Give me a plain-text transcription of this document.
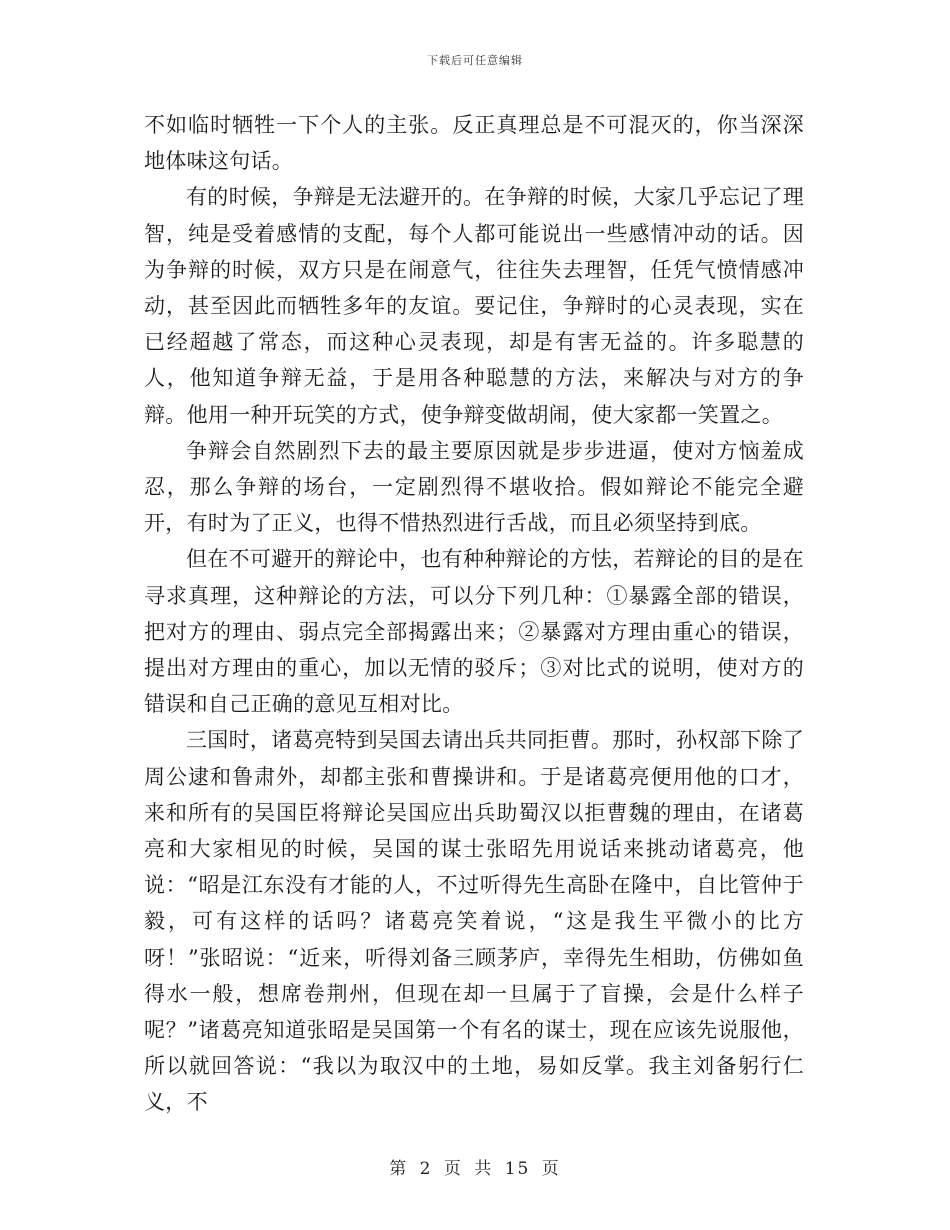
下载后可任意编辑

不如临时牺牲一下个人的主张。反正真理总是不可混灭的，你当深深地体味这句话。

有的时候，争辩是无法避开的。在争辩的时候，大家几乎忘记了理智，纯是受着感情的支配，每个人都可能说出一些感情冲动的话。因为争辩的时候，双方只是在闹意气，往往失去理智，任凭气愤情感冲动，甚至因此而牺牲多年的友谊。要记住，争辩时的心灵表现，实在已经超越了常态，而这种心灵表现，却是有害无益的。许多聪慧的人，他知道争辩无益，于是用各种聪慧的方法，来解决与对方的争辩。他用一种开玩笑的方式，使争辩变做胡闹，使大家都一笑置之。

争辩会自然剧烈下去的最主要原因就是步步进逼，使对方恼羞成忍，那么争辩的场台，一定剧烈得不堪收拾。假如辩论不能完全避开，有时为了正义，也得不惜热烈进行舌战，而且必须坚持到底。

但在不可避开的辩论中，也有种种辩论的方怯，若辩论的目的是在寻求真理，这种辩论的方法，可以分下列几种：①暴露全部的错误，把对方的理由、弱点完全部揭露出来；②暴露对方理由重心的错误，提出对方理由的重心，加以无情的驳斥；③对比式的说明，使对方的错误和自己正确的意见互相对比。

三国时，诸葛亮特到吴国去请出兵共同拒曹。那时，孙权部下除了周公逮和鲁肃外，却都主张和曹操讲和。于是诸葛亮便用他的口才，来和所有的吴国臣将辩论吴国应出兵助蜀汉以拒曹魏的理由，在诸葛亮和大家相见的时候，吴国的谋士张昭先用说话来挑动诸葛亮，他说：“昭是江东没有才能的人，不过听得先生高卧在隆中，自比管仲于毅，可有这样的话吗？诸葛亮笑着说，“这是我生平微小的比方呀！”张昭说：“近来，听得刘备三顾茅庐，幸得先生相助，仿佛如鱼得水一般，想席卷荆州，但现在却一旦属于了盲操，会是什么样子呢？”诸葛亮知道张昭是吴国第一个有名的谋士，现在应该先说服他，所以就回答说：“我以为取汉中的土地，易如反掌。我主刘备躬行仁义，不

第 2 页 共 15 页
